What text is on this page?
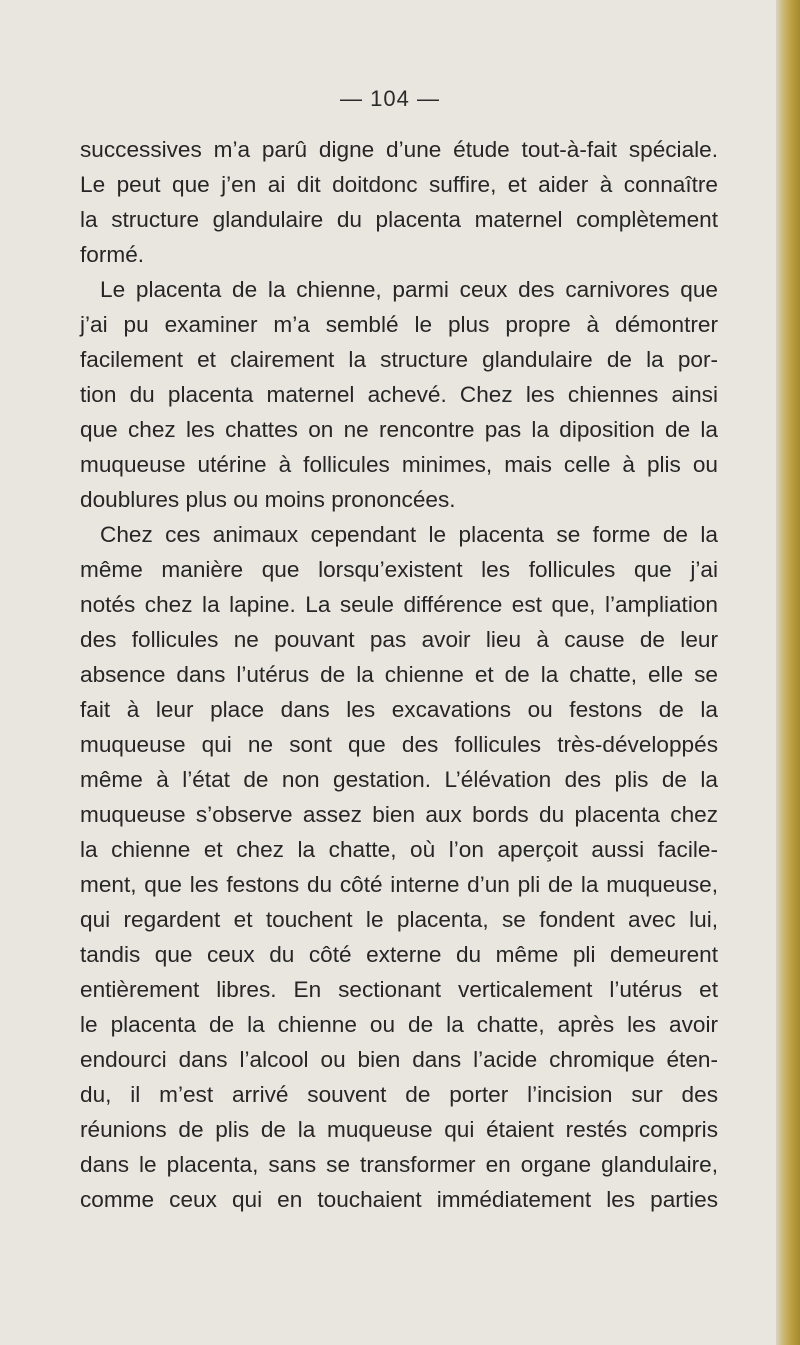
— 104 —
successives m’a parû digne d’une étude tout-à-fait spéciale.
Le peut que j’en ai dit doitdonc suffire, et aider à connaître
la structure glandulaire du placenta maternel complètement
formé.
Le placenta de la chienne, parmi ceux des carnivores que
j’ai pu examiner m’a semblé le plus propre à démontrer
facilement et clairement la structure glandulaire de la por-
tion du placenta maternel achevé. Chez les chiennes ainsi
que chez les chattes on ne rencontre pas la diposition de la
muqueuse utérine à follicules minimes, mais celle à plis ou
doublures plus ou moins prononcées.
Chez ces animaux cependant le placenta se forme de la
même manière que lorsqu’existent les follicules que j’ai
notés chez la lapine. La seule différence est que, l’ampliation
des follicules ne pouvant pas avoir lieu à cause de leur
absence dans l’utérus de la chienne et de la chatte, elle se
fait à leur place dans les excavations ou festons de la
muqueuse qui ne sont que des follicules très-développés
même à l’état de non gestation. L’élévation des plis de la
muqueuse s’observe assez bien aux bords du placenta chez
la chienne et chez la chatte, où l’on aperçoit aussi facile-
ment, que les festons du côté interne d’un pli de la muqueuse,
qui regardent et touchent le placenta, se fondent avec lui,
tandis que ceux du côté externe du même pli demeurent
entièrement libres. En sectionant verticalement l’utérus et
le placenta de la chienne ou de la chatte, après les avoir
endourci dans l’alcool ou bien dans l’acide chromique éten-
du, il m’est arrivé souvent de porter l’incision sur des
réunions de plis de la muqueuse qui étaient restés compris
dans le placenta, sans se transformer en organe glandulaire,
comme ceux qui en touchaient immédiatement les parties
